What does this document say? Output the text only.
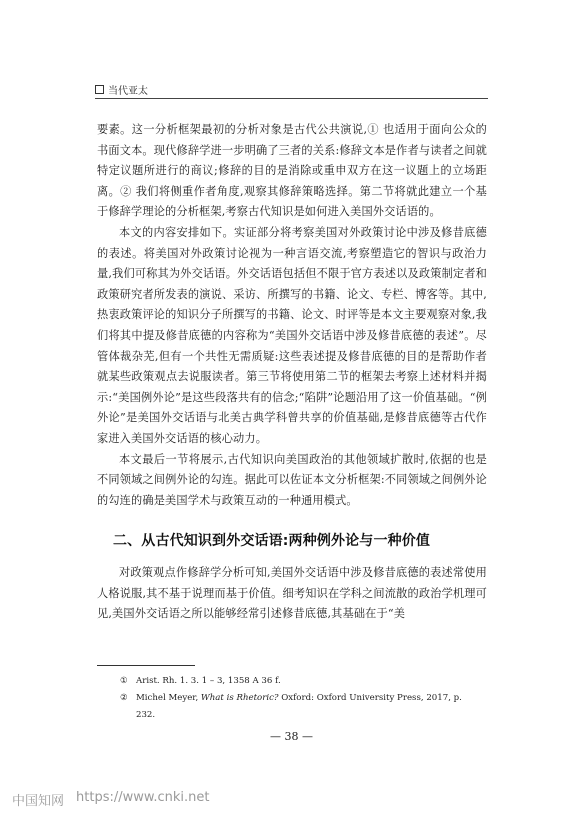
当代亚太

要素。这一分析框架最初的分析对象是古代公共演说,① 也适用于面向公众的书面文本。现代修辞学进一步明确了三者的关系:修辞文本是作者与读者之间就特定议题所进行的商议;修辞的目的是消除或重申双方在这一议题上的立场距离。② 我们将侧重作者角度,观察其修辞策略选择。第二节将就此建立一个基于修辞学理论的分析框架,考察古代知识是如何进入美国外交话语的。

本文的内容安排如下。实证部分将考察美国对外政策讨论中涉及修昔底德的表述。将美国对外政策讨论视为一种言语交流,考察塑造它的智识与政治力量,我们可称其为外交话语。外交话语包括但不限于官方表述以及政策制定者和政策研究者所发表的演说、采访、所撰写的书籍、论文、专栏、博客等。其中,热衷政策评论的知识分子所撰写的书籍、论文、时评等是本文主要观察对象,我们将其中提及修昔底德的内容称为“美国外交话语中涉及修昔底德的表述”。尽管体裁杂芜,但有一个共性无需质疑:这些表述提及修昔底德的目的是帮助作者就某些政策观点去说服读者。第三节将使用第二节的框架去考察上述材料并揭示:“美国例外论”是这些段落共有的信念;“陷阱”论题沿用了这一价值基础。“例外论”是美国外交话语与北美古典学科曾共享的价值基础,是修昔底德等古代作家进入美国外交话语的核心动力。

本文最后一节将展示,古代知识向美国政治的其他领域扩散时,依据的也是不同领域之间例外论的勾连。据此可以佐证本文分析框架:不同领域之间例外论的勾连的确是美国学术与政策互动的一种通用模式。

二、从古代知识到外交话语:两种例外论与一种价值

对政策观点作修辞学分析可知,美国外交话语中涉及修昔底德的表述常使用人格说服,其不基于说理而基于价值。细考知识在学科之间流散的政治学机理可见,美国外交话语之所以能够经常引述修昔底德,其基础在于“美

① Arist. Rh. 1. 3. 1 – 3, 1358 A 36 f.
② Michel Meyer, What is Rhetoric? Oxford: Oxford University Press, 2017, p. 232.
— 38 —
中国知网 https://www.cnki.net
